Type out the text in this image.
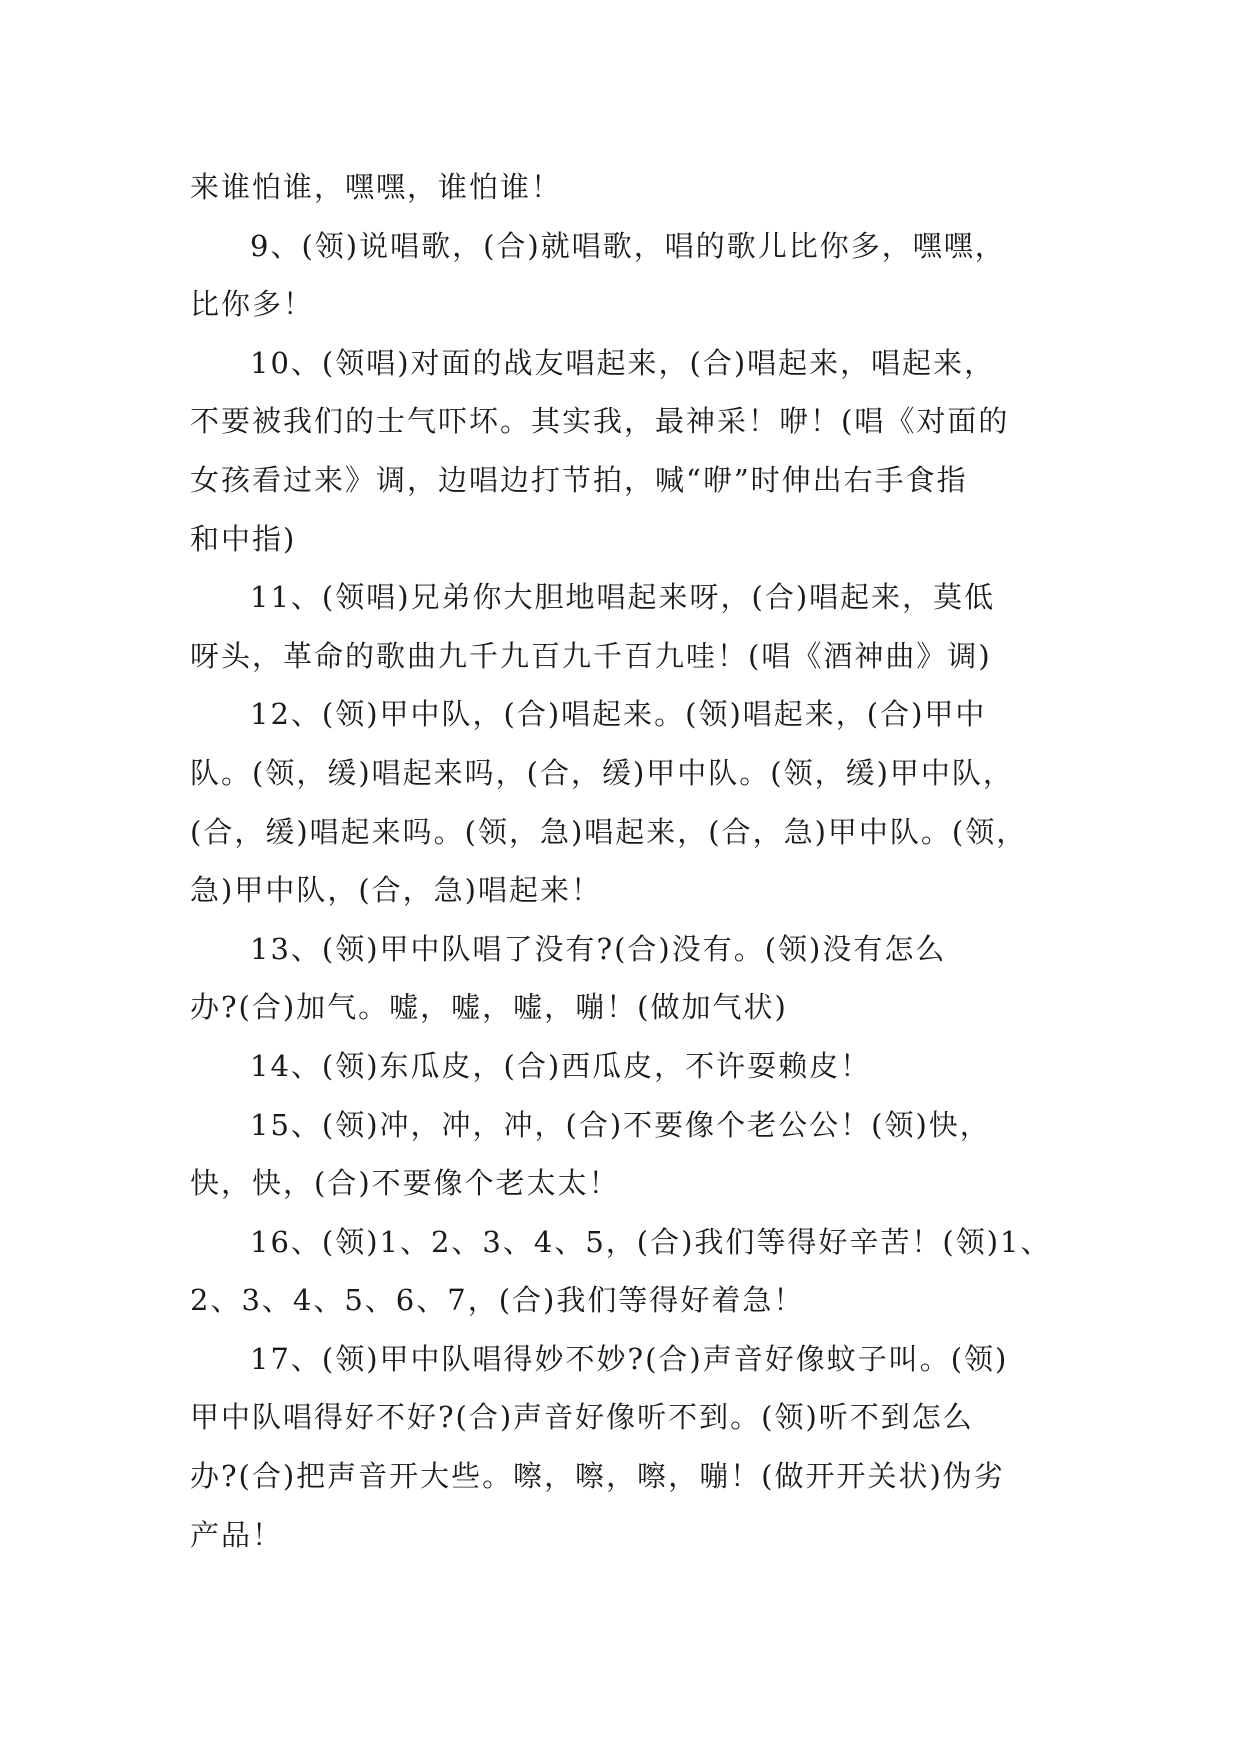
来谁怕谁，嘿嘿，谁怕谁！
9、(领)说唱歌，(合)就唱歌，唱的歌儿比你多，嘿嘿，
比你多！
10、(领唱)对面的战友唱起来，(合)唱起来，唱起来，
不要被我们的士气吓坏。其实我，最神采！咿！(唱《对面的
女孩看过来》调，边唱边打节拍，喊“咿”时伸出右手食指
和中指)
11、(领唱)兄弟你大胆地唱起来呀，(合)唱起来，莫低
呀头，革命的歌曲九千九百九千百九哇！(唱《酒神曲》调)
12、(领)甲中队，(合)唱起来。(领)唱起来，(合)甲中
队。(领，缓)唱起来吗，(合，缓)甲中队。(领，缓)甲中队，
(合，缓)唱起来吗。(领，急)唱起来，(合，急)甲中队。(领，
急)甲中队，(合，急)唱起来！
13、(领)甲中队唱了没有?(合)没有。(领)没有怎么
办?(合)加气。嘘，嘘，嘘，嘣！(做加气状)
14、(领)东瓜皮，(合)西瓜皮，不许耍赖皮！
15、(领)冲，冲，冲，(合)不要像个老公公！(领)快，
快，快，(合)不要像个老太太！
16、(领)1、2、3、4、5，(合)我们等得好辛苦！(领)1、
2、3、4、5、6、7，(合)我们等得好着急！
17、(领)甲中队唱得妙不妙?(合)声音好像蚊子叫。(领)
甲中队唱得好不好?(合)声音好像听不到。(领)听不到怎么
办?(合)把声音开大些。嚓，嚓，嚓，嘣！(做开开关状)伪劣
产品！
